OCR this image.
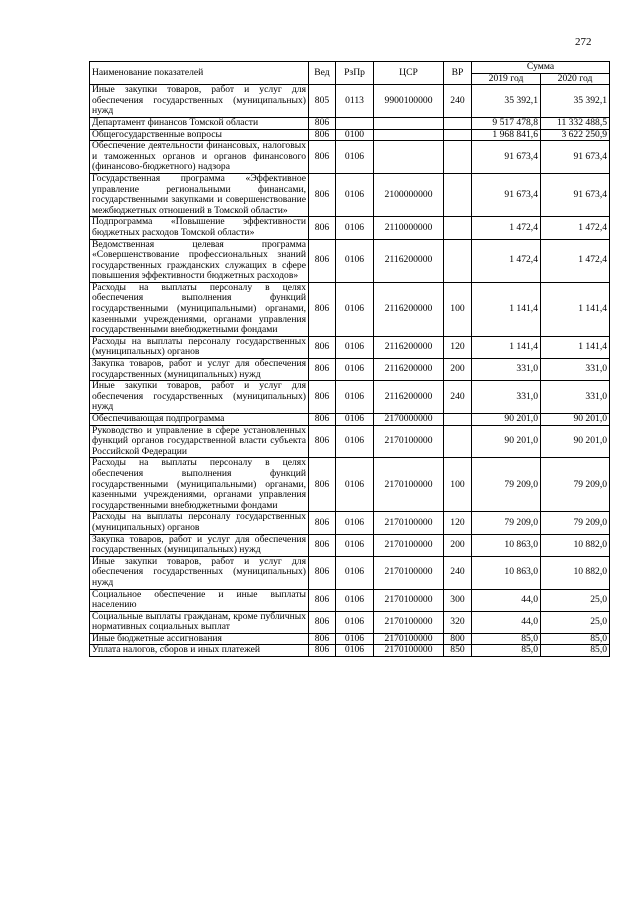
272
Наименование показателей	Вед	РзПр	ЦСР	ВР	Сумма	
					2019 год	2020 год
Иные закупки товаров, работ и услуг для обеспечения государственных (муниципальных) нужд	805	0113	9900100000	240	35 392,1	35 392,1
Департамент финансов Томской области	806				9 517 478,8	11 332 488,5
Общегосударственные вопросы	806	0100			1 968 841,6	3 622 250,9
Обеспечение деятельности финансовых, налоговых и таможенных органов и органов финансового (финансово-бюджетного) надзора	806	0106			91 673,4	91 673,4
Государственная программа «Эффективное управление региональными финансами, государственными закупками и совершенствование межбюджетных отношений в Томской области»	806	0106	2100000000		91 673,4	91 673,4
Подпрограмма «Повышение эффективности бюджетных расходов Томской области»	806	0106	2110000000		1 472,4	1 472,4
Ведомственная целевая программа «Совершенствование профессиональных знаний государственных гражданских служащих в сфере повышения эффективности бюджетных расходов»	806	0106	2116200000		1 472,4	1 472,4
Расходы на выплаты персоналу в целях обеспечения выполнения функций государственными (муниципальными) органами, казенными учреждениями, органами управления государственными внебюджетными фондами	806	0106	2116200000	100	1 141,4	1 141,4
Расходы на выплаты персоналу государственных (муниципальных) органов	806	0106	2116200000	120	1 141,4	1 141,4
Закупка товаров, работ и услуг для обеспечения государственных (муниципальных) нужд	806	0106	2116200000	200	331,0	331,0
Иные закупки товаров, работ и услуг для обеспечения государственных (муниципальных) нужд	806	0106	2116200000	240	331,0	331,0
Обеспечивающая подпрограмма	806	0106	2170000000		90 201,0	90 201,0
Руководство и управление в сфере установленных функций органов государственной власти субъекта Российской Федерации	806	0106	2170100000		90 201,0	90 201,0
Расходы на выплаты персоналу в целях обеспечения выполнения функций государственными (муниципальными) органами, казенными учреждениями, органами управления государственными внебюджетными фондами	806	0106	2170100000	100	79 209,0	79 209,0
Расходы на выплаты персоналу государственных (муниципальных) органов	806	0106	2170100000	120	79 209,0	79 209,0
Закупка товаров, работ и услуг для обеспечения государственных (муниципальных) нужд	806	0106	2170100000	200	10 863,0	10 882,0
Иные закупки товаров, работ и услуг для обеспечения государственных (муниципальных) нужд	806	0106	2170100000	240	10 863,0	10 882,0
Социальное обеспечение и иные выплаты населению	806	0106	2170100000	300	44,0	25,0
Социальные выплаты гражданам, кроме публичных нормативных социальных выплат	806	0106	2170100000	320	44,0	25,0
Иные бюджетные ассигнования	806	0106	2170100000	800	85,0	85,0
Уплата налогов, сборов и иных платежей	806	0106	2170100000	850	85,0	85,0
